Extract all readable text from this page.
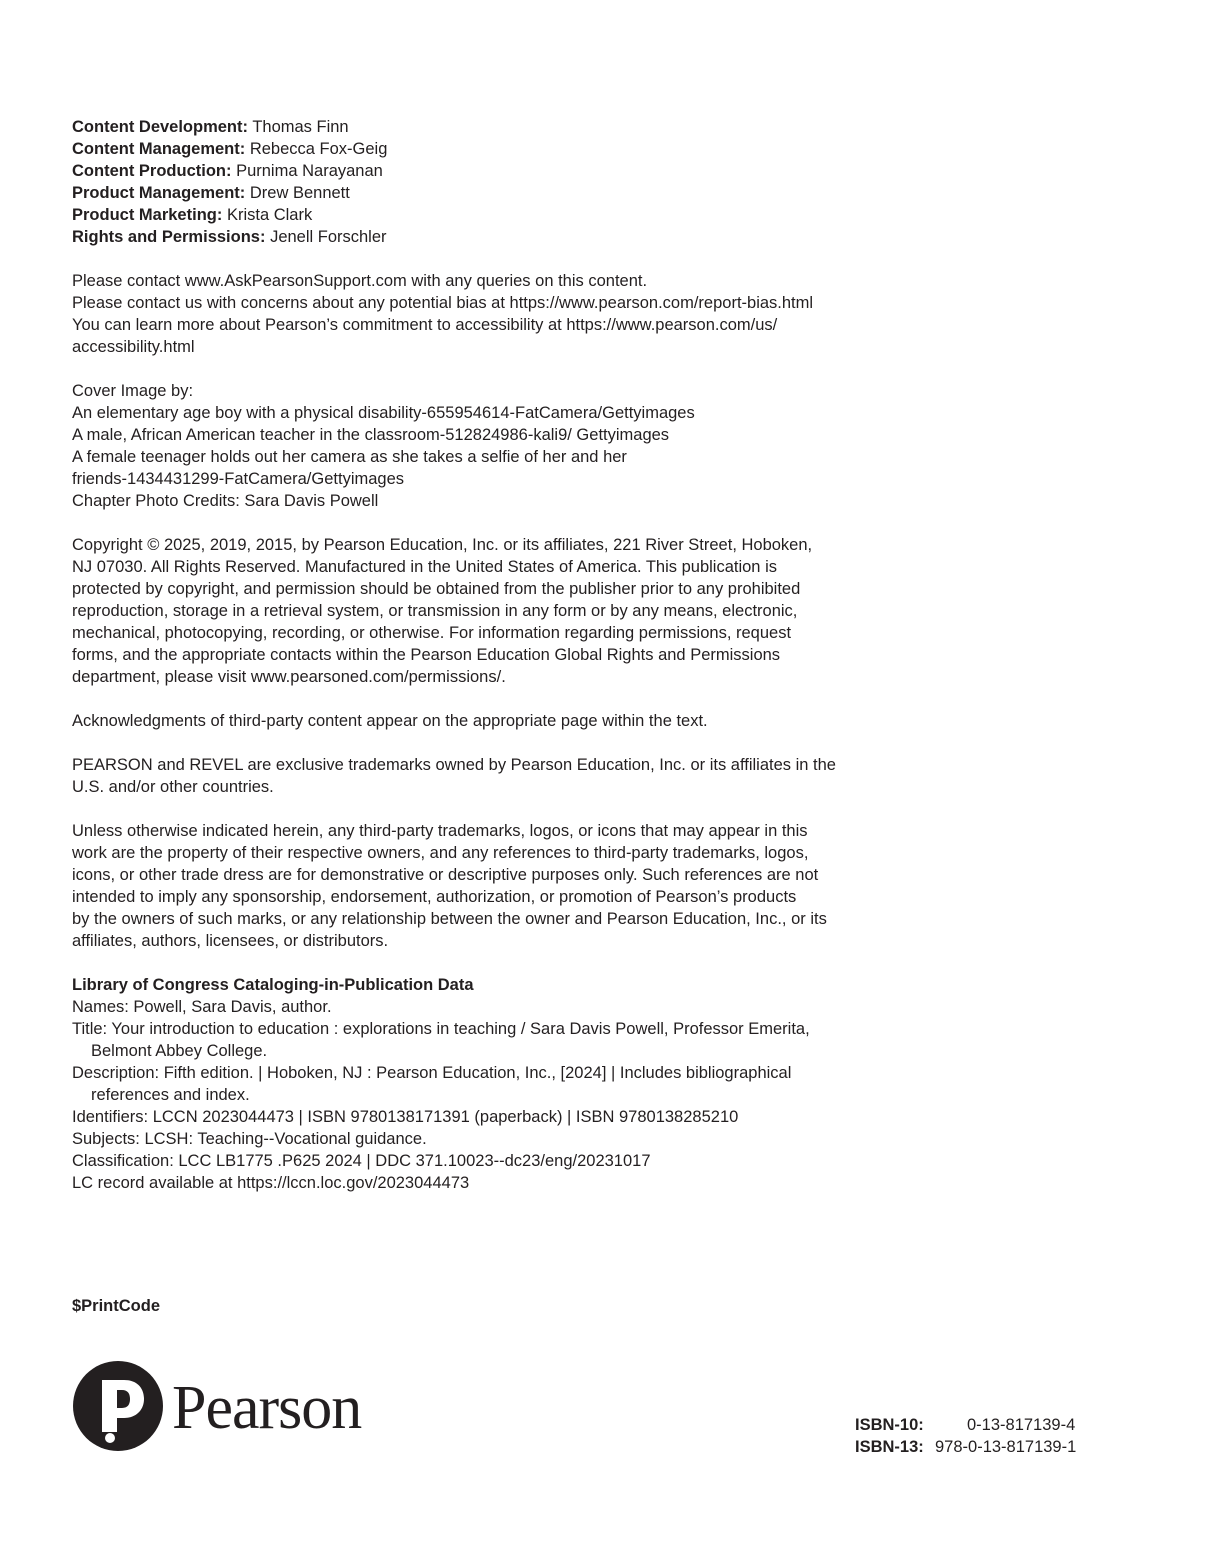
Content Development: Thomas Finn
Content Management: Rebecca Fox-Geig
Content Production: Purnima Narayanan
Product Management: Drew Bennett
Product Marketing: Krista Clark
Rights and Permissions: Jenell Forschler
Please contact www.AskPearsonSupport.com with any queries on this content.
Please contact us with concerns about any potential bias at https://www.pearson.com/report-bias.html
You can learn more about Pearson’s commitment to accessibility at https://www.pearson.com/us/
accessibility.html
Cover Image by:
An elementary age boy with a physical disability-655954614-FatCamera/Gettyimages
A male, African American teacher in the classroom-512824986-kali9/ Gettyimages
A female teenager holds out her camera as she takes a selfie of her and her
friends-1434431299-FatCamera/Gettyimages
Chapter Photo Credits: Sara Davis Powell
Copyright © 2025, 2019, 2015, by Pearson Education, Inc. or its affiliates, 221 River Street, Hoboken,
NJ 07030. All Rights Reserved. Manufactured in the United States of America. This publication is
protected by copyright, and permission should be obtained from the publisher prior to any prohibited
reproduction, storage in a retrieval system, or transmission in any form or by any means, electronic,
mechanical, photocopying, recording, or otherwise. For information regarding permissions, request
forms, and the appropriate contacts within the Pearson Education Global Rights and Permissions
department, please visit www.pearsoned.com/permissions/.
Acknowledgments of third-party content appear on the appropriate page within the text.
PEARSON and REVEL are exclusive trademarks owned by Pearson Education, Inc. or its affiliates in the
U.S. and/or other countries.
Unless otherwise indicated herein, any third-party trademarks, logos, or icons that may appear in this
work are the property of their respective owners, and any references to third-party trademarks, logos,
icons, or other trade dress are for demonstrative or descriptive purposes only. Such references are not
intended to imply any sponsorship, endorsement, authorization, or promotion of Pearson’s products
by the owners of such marks, or any relationship between the owner and Pearson Education, Inc., or its
affiliates, authors, licensees, or distributors.
Library of Congress Cataloging-in-Publication Data
Names: Powell, Sara Davis, author.
Title: Your introduction to education : explorations in teaching / Sara Davis Powell, Professor Emerita,
Belmont Abbey College.
Description: Fifth edition. | Hoboken, NJ : Pearson Education, Inc., [2024] | Includes bibliographical
references and index.
Identifiers: LCCN 2023044473 | ISBN 9780138171391 (paperback) | ISBN 9780138285210
Subjects: LCSH: Teaching--Vocational guidance.
Classification: LCC LB1775 .P625 2024 | DDC 371.10023--dc23/eng/20231017
LC record available at https://lccn.loc.gov/2023044473
$PrintCode
Pearson	ISBN-10:	0-13-817139-4
ISBN-13: 978-0-13-817139-1
